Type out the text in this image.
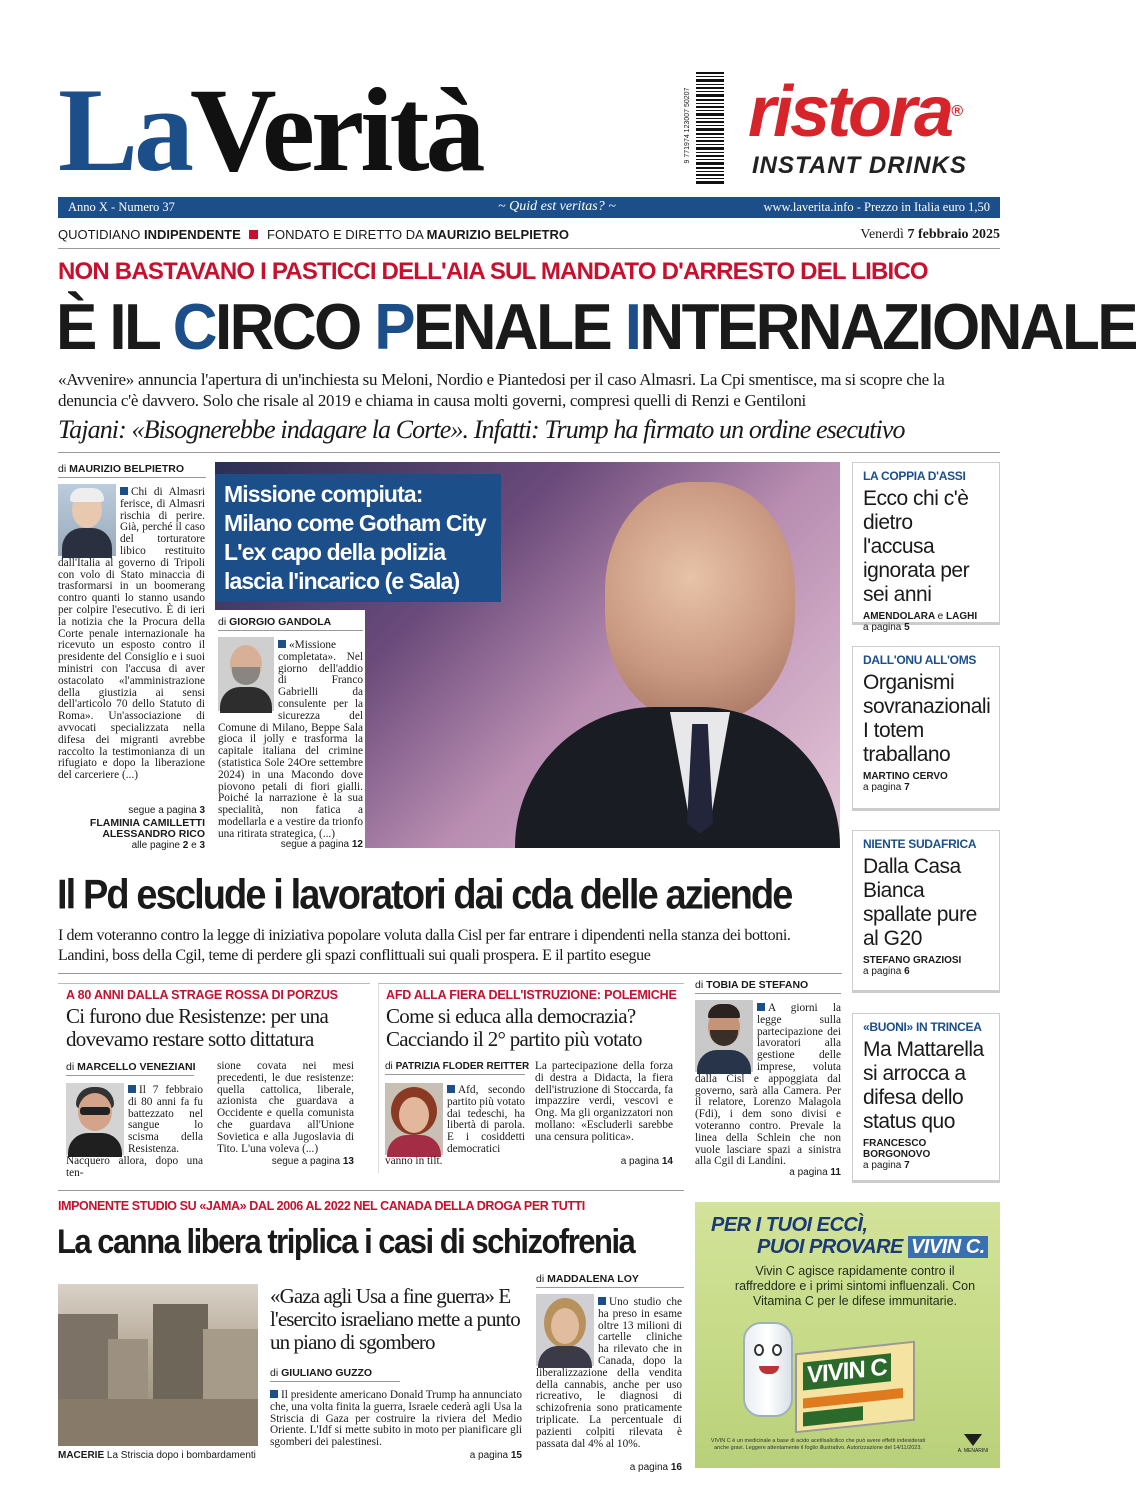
LaVerità	9 771974 123007 50207 ristora®
INSTANT DRINKS
Anno X - Numero 37	~ Quid est veritas? ~	www.laverita.info - Prezzo in Italia euro 1,50
QUOTIDIANO INDIPENDENTE FONDATO E DIRETTO DA MAURIZIO BELPIETRO	Venerdì 7 febbraio 2025
NON BASTAVANO I PASTICCI DELL'AIA SUL MANDATO D'ARRESTO DEL LIBICO
È IL CIRCO PENALE INTERNAZIONALE
«Avvenire» annuncia l'apertura di un'inchiesta su Meloni, Nordio e Piantedosi per il caso Almasri. La Cpi smentisce, ma si scopre che la denuncia c'è davvero. Solo che risale al 2019 e chiama in causa molti governi, compresi quelli di Renzi e Gentiloni
Tajani: «Bisognerebbe indagare la Corte». Infatti: Trump ha firmato un ordine esecutivo
di MAURIZIO BELPIETRO
Chi di Almasri ferisce, di Almasri rischia di perire. Già, perché il caso del torturatore libico restituito dall'Italia al governo di Tripoli con volo di Stato minaccia di trasformarsi in un boomerang contro quanti lo stanno usando per colpire l'esecutivo. È di ieri la notizia che la Procura della Corte penale internazionale ha ricevuto un esposto contro il presidente del Consiglio e i suoi ministri con l'accusa di aver ostacolato «l'amministrazione della giustizia ai sensi dell'articolo 70 dello Statuto di Roma». Un'associazione di avvocati specializzata nella difesa dei migranti avrebbe raccolto la testimonianza di un rifugiato e dopo la liberazione del carceriere (...)
segue a pagina 3
FLAMINIA CAMILLETTI
ALESSANDRO RICO
alle pagine 2 e 3
Missione compiuta: Milano come Gotham City L'ex capo della polizia lascia l'incarico (e Sala)
di GIORGIO GANDOLA
«Missione completata». Nel giorno dell'addio di Franco Gabrielli da consulente per la sicurezza del Comune di Milano, Beppe Sala gioca il jolly e trasforma la capitale italiana del crimine (statistica Sole 24Ore settembre 2024) in una Macondo dove piovono petali di fiori gialli. Poiché la narrazione è la sua specialità, non fatica a modellarla e a vestire da trionfo una ritirata strategica, (...)
segue a pagina 12
LA COPPIA D'ASSI
Ecco chi c'è dietro l'accusa ignorata per sei anni
AMENDOLARA e LAGHI
a pagina 5
DALL'ONU ALL'OMS
Organismi sovranazionali I totem traballano
MARTINO CERVO
a pagina 7
NIENTE SUDAFRICA
Dalla Casa Bianca spallate pure al G20
STEFANO GRAZIOSI
a pagina 6
«BUONI» IN TRINCEA
Ma Mattarella si arrocca a difesa dello status quo
FRANCESCO BORGONOVO
a pagina 7
Il Pd esclude i lavoratori dai cda delle aziende
I dem voteranno contro la legge di iniziativa popolare voluta dalla Cisl per far entrare i dipendenti nella stanza dei bottoni. Landini, boss della Cgil, teme di perdere gli spazi conflittuali sui quali prospera. E il partito esegue
A 80 ANNI DALLA STRAGE ROSSA DI PORZUS
Ci furono due Resistenze: per una dovevamo restare sotto dittatura
di MARCELLO VENEZIANI
Il 7 febbraio di 80 anni fa fu battezzato nel sangue lo scisma della Resistenza. Nacquero allora, dopo una ten-
sione covata nei mesi precedenti, le due resistenze: quella cattolica, liberale, azionista che guardava a Occidente e quella comunista che guardava all'Unione Sovietica e alla Jugoslavia di Tito. L'una voleva (...)
segue a pagina 13
AFD ALLA FIERA DELL'ISTRUZIONE: POLEMICHE
Come si educa alla democrazia? Cacciando il 2° partito più votato
di PATRIZIA FLODER REITTER
Afd, secondo partito più votato dai tedeschi, ha libertà di parola. E i cosiddetti democratici vanno in tilt.
La partecipazione della forza di destra a Didacta, la fiera dell'istruzione di Stoccarda, fa impazzire verdi, vescovi e Ong. Ma gli organizzatori non mollano: «Escluderli sarebbe una censura politica».
a pagina 14
di TOBIA DE STEFANO
A giorni la legge sulla partecipazione dei lavoratori alla gestione delle imprese, voluta dalla Cisl e appoggiata dal governo, sarà alla Camera. Per il relatore, Lorenzo Malagola (Fdi), i dem sono divisi e voteranno contro. Prevale la linea della Schlein che non vuole lasciare spazi a sinistra alla Cgil di Landini.
a pagina 11
IMPONENTE STUDIO SU «JAMA» DAL 2006 AL 2022 NEL CANADA DELLA DROGA PER TUTTI
La canna libera triplica i casi di schizofrenia
MACERIE La Striscia dopo i bombardamenti
«Gaza agli Usa a fine guerra» E l'esercito israeliano mette a punto un piano di sgombero
di GIULIANO GUZZO
Il presidente americano Donald Trump ha annunciato che, una volta finita la guerra, Israele cederà agli Usa la Striscia di Gaza per costruire la riviera del Medio Oriente. L'Idf si mette subito in moto per pianificare gli sgomberi dei palestinesi.
a pagina 15
di MADDALENA LOY
Uno studio che ha preso in esame oltre 13 milioni di cartelle cliniche ha rilevato che in Canada, dopo la liberalizzazione della vendita della cannabis, anche per uso ricreativo, le diagnosi di schizofrenia sono praticamente triplicate. La percentuale di pazienti colpiti rilevata è passata dal 4% al 10%.
a pagina 16
PER I TUOI ECCÌ,
PUOI PROVARE VIVIN C.
Vivin C agisce rapidamente contro il raffreddore e i primi sintomi influenzali. Con Vitamina C per le difese immunitarie.
VIVIN C
VIVIN C è un medicinale a base di acido acetilsalicilico che può avere effetti indesiderati anche gravi. Leggere attentamente il foglio illustrativo. Autorizzazione del 14/11/2023.	A. MENARINI
